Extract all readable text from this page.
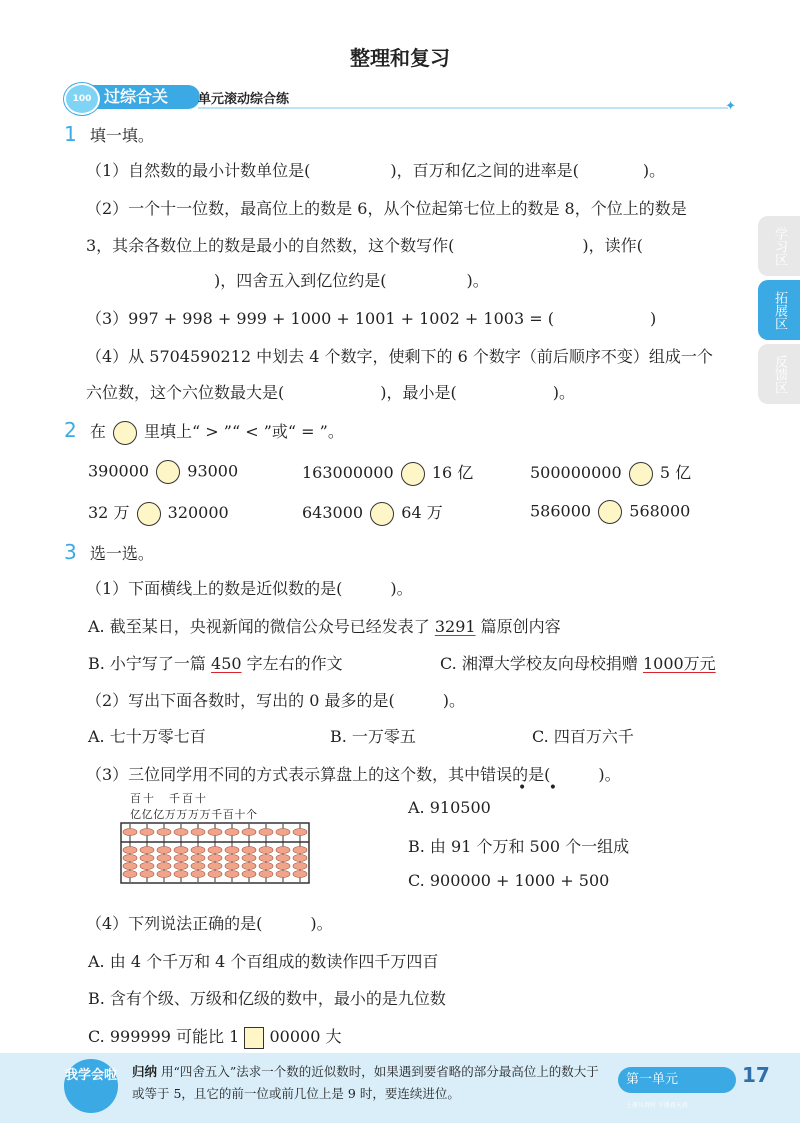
整理和复习
过综合关
100	单元滚动综合练	✦
学习区
拓展区
反馈区
1 填一填。
（1）自然数的最小计数单位是(　　　　　)，百万和亿之间的进率是(　　　　)。
（2）一个十一位数，最高位上的数是 6，从个位起第七位上的数是 8，个位上的数是
3，其余各数位上的数是最小的自然数，这个数写作(　　　　　　　　)，读作(
　　　　　　　　)，四舍五入到亿位约是(　　　　　)。
（3）997 + 998 + 999 + 1000 + 1001 + 1002 + 1003 = (　　　　　　)
（4）从 5704590212 中划去 4 个数字，使剩下的 6 个数字（前后顺序不变）组成一个
六位数，这个六位数最大是(　　　　　　)，最小是(　　　　　　)。
2 在 里填上“ > ”“ < ”或“ = ”。
390000 93000	163000000 16 亿	500000000 5 亿
32 万 320000	643000 64 万	586000 568000
3 选一选。
（1）下面横线上的数是近似数的是(　　　)。
A. 截至某日，央视新闻的微信公众号已经发表了 3291 篇原创内容
B. 小宁写了一篇 450 字左右的作文	C. 湘潭大学校友向母校捐赠 1000万元
（2）写出下面各数时，写出的 0 最多的是(　　　)。
A. 七十万零七百	B. 一万零五	C. 四百万六千
（3）三位同学用不同的方式表示算盘上的这个数，其中错误的是(　　　)。
• •
百十　千百十
亿亿亿万万万万千百十个	A. 910500
B. 由 91 个万和 500 个一组成
C. 900000 + 1000 + 500
（4）下列说法正确的是(　　　)。
A. 由 4 个千万和 4 个百组成的数读作四千万四百
B. 含有个级、万级和亿级的数中，最小的是九位数
C. 999999 可能比 1 00000 大
我学会啦 归纳 用“四舍五入”法求一个数的近似数时，如果遇到要省略的部分最高位上的数大于或等于 5，且它的前一位或前几位上是 9 时，要连续进位。
第一单元 上册认真听 下册真天真
17
